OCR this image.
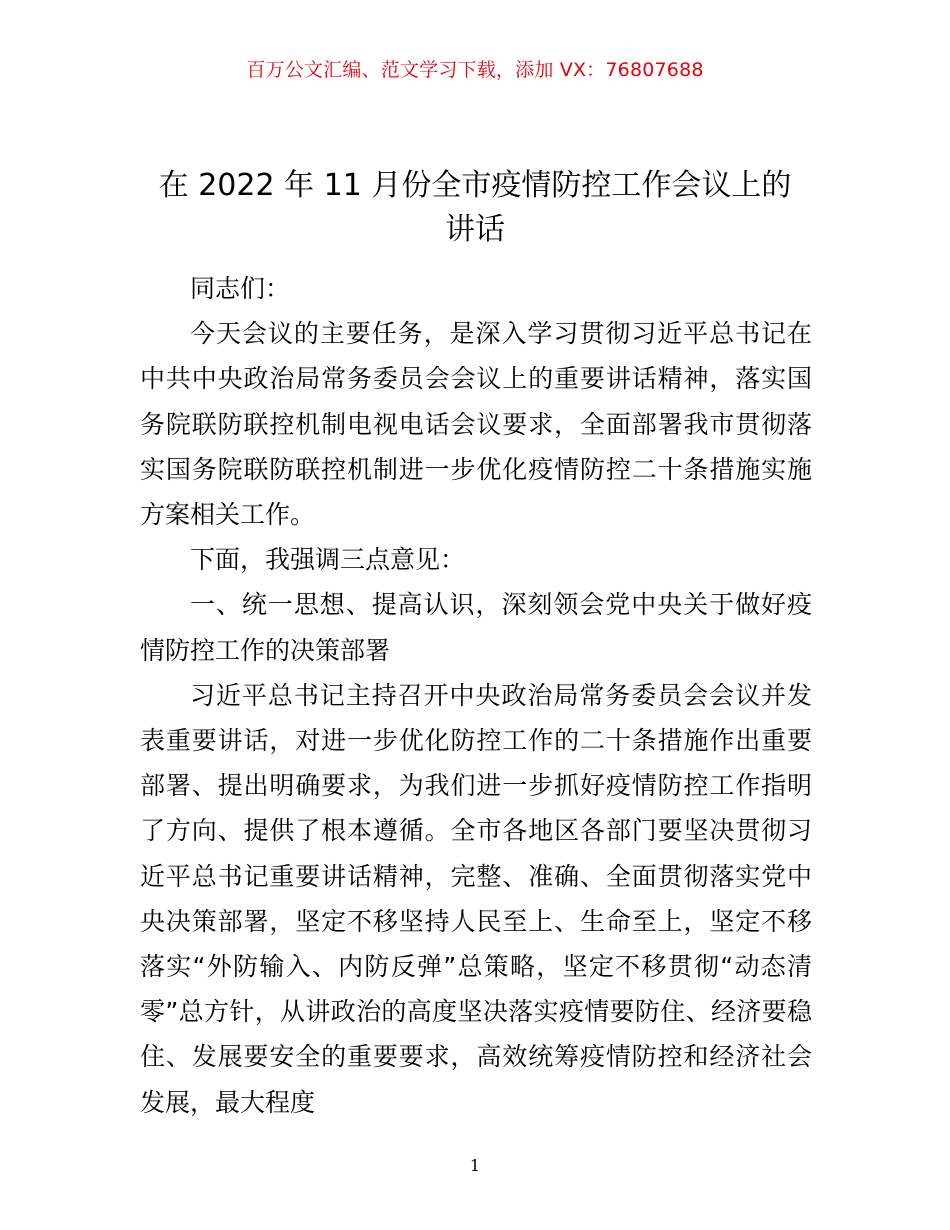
百万公文汇编、范文学习下载，添加 VX：76807688
在 2022 年 11 月份全市疫情防控工作会议上的
讲话

同志们：

今天会议的主要任务，是深入学习贯彻习近平总书记在中共中央政治局常务委员会会议上的重要讲话精神，落实国务院联防联控机制电视电话会议要求，全面部署我市贯彻落实国务院联防联控机制进一步优化疫情防控二十条措施实施方案相关工作。

下面，我强调三点意见：

一、统一思想、提高认识，深刻领会党中央关于做好疫情防控工作的决策部署

习近平总书记主持召开中央政治局常务委员会会议并发表重要讲话，对进一步优化防控工作的二十条措施作出重要部署、提出明确要求，为我们进一步抓好疫情防控工作指明了方向、提供了根本遵循。全市各地区各部门要坚决贯彻习近平总书记重要讲话精神，完整、准确、全面贯彻落实党中央决策部署，坚定不移坚持人民至上、生命至上，坚定不移落实“外防输入、内防反弹”总策略，坚定不移贯彻“动态清零”总方针，从讲政治的高度坚决落实疫情要防住、经济要稳住、发展要安全的重要要求，高效统筹疫情防控和经济社会发展，最大程度

1
